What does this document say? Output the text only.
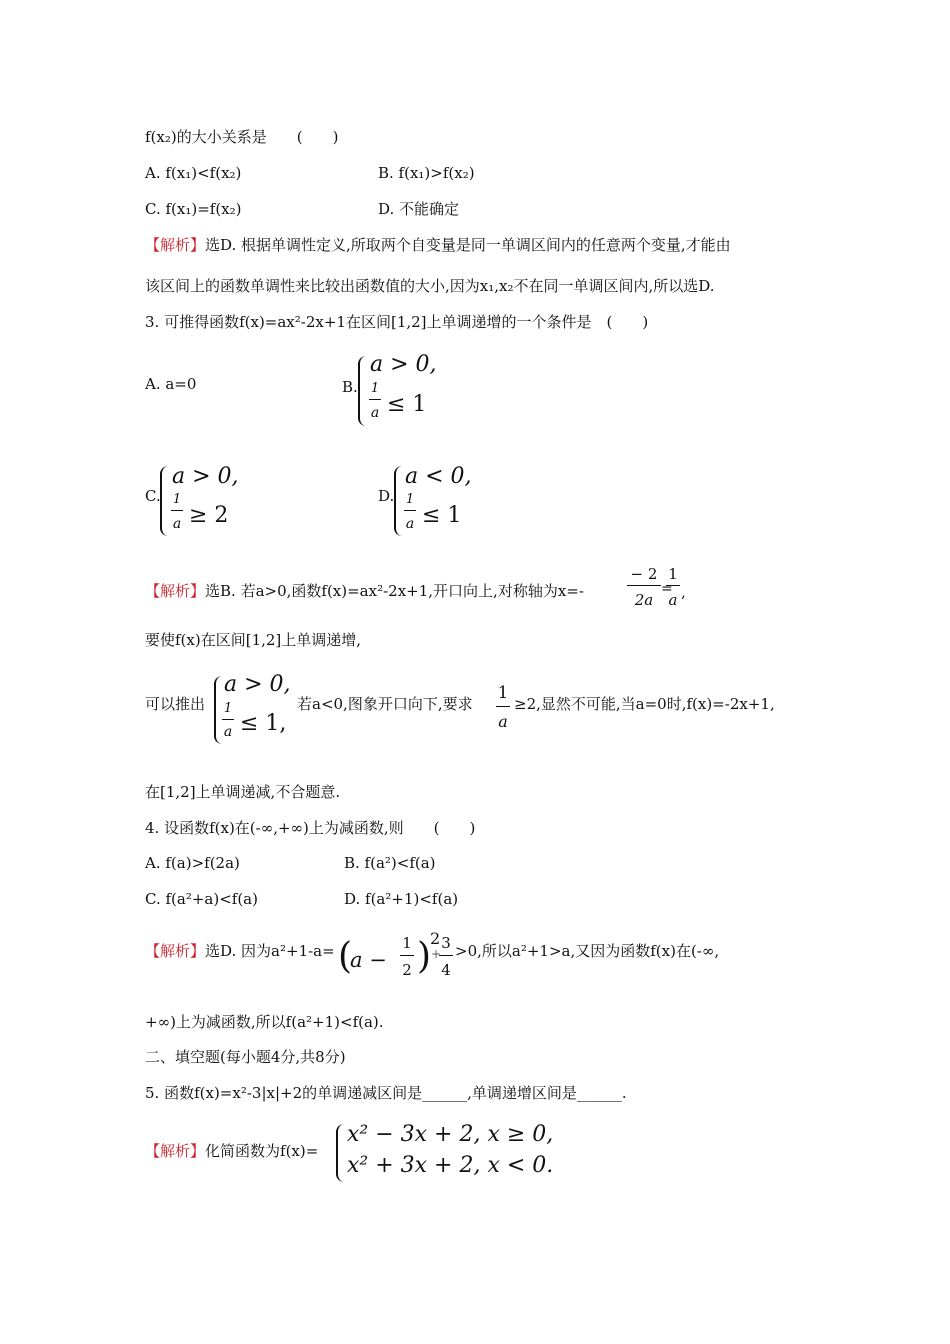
f(x₂)的大小关系是　　(　　)
A. f(x₁)<f(x₂)	B. f(x₁)>f(x₂)
C. f(x₁)=f(x₂)	D. 不能确定
【解析】选D. 根据单调性定义,所取两个自变量是同一单调区间内的任意两个变量,才能由
该区间上的函数单调性来比较出函数值的大小,因为x₁,x₂不在同一单调区间内,所以选D.
3. 可推得函数f(x)=ax²-2x+1在区间[1,2]上单调递增的一个条件是　(　　)
A. a=0	B.
a > 0,
1
a ≤ 1
C.
a > 0,
1
a ≥ 2
D.
a < 0,
1
a ≤ 1
【解析】选B. 若a>0,函数f(x)=ax²-2x+1,开口向上,对称轴为x=-
− 2
2a
=
1
a ,
要使f(x)在区间[1,2]上单调递增,
可以推出
a > 0,
1
a ≤ 1,
若a<0,图象开口向下,要求
1
a
≥2,显然不可能,当a=0时,f(x)=-2x+1,
在[1,2]上单调递减,不合题意.
4. 设函数f(x)在(-∞,+∞)上为减函数,则　　(　　)
A. f(a)>f(2a)	B. f(a²)<f(a)
C. f(a²+a)<f(a)	D. f(a²+1)<f(a)
【解析】选D. 因为a²+1-a= (
a −
1
2 )
2
+
3
4
>0,所以a²+1>a,又因为函数f(x)在(-∞,
+∞)上为减函数,所以f(a²+1)<f(a).
二、填空题(每小题4分,共8分)
5. 函数f(x)=x²-3|x|+2的单调递减区间是______,单调递增区间是______.
【解析】化简函数为f(x)=
x² − 3x + 2, x ≥ 0,
x² + 3x + 2, x < 0.
